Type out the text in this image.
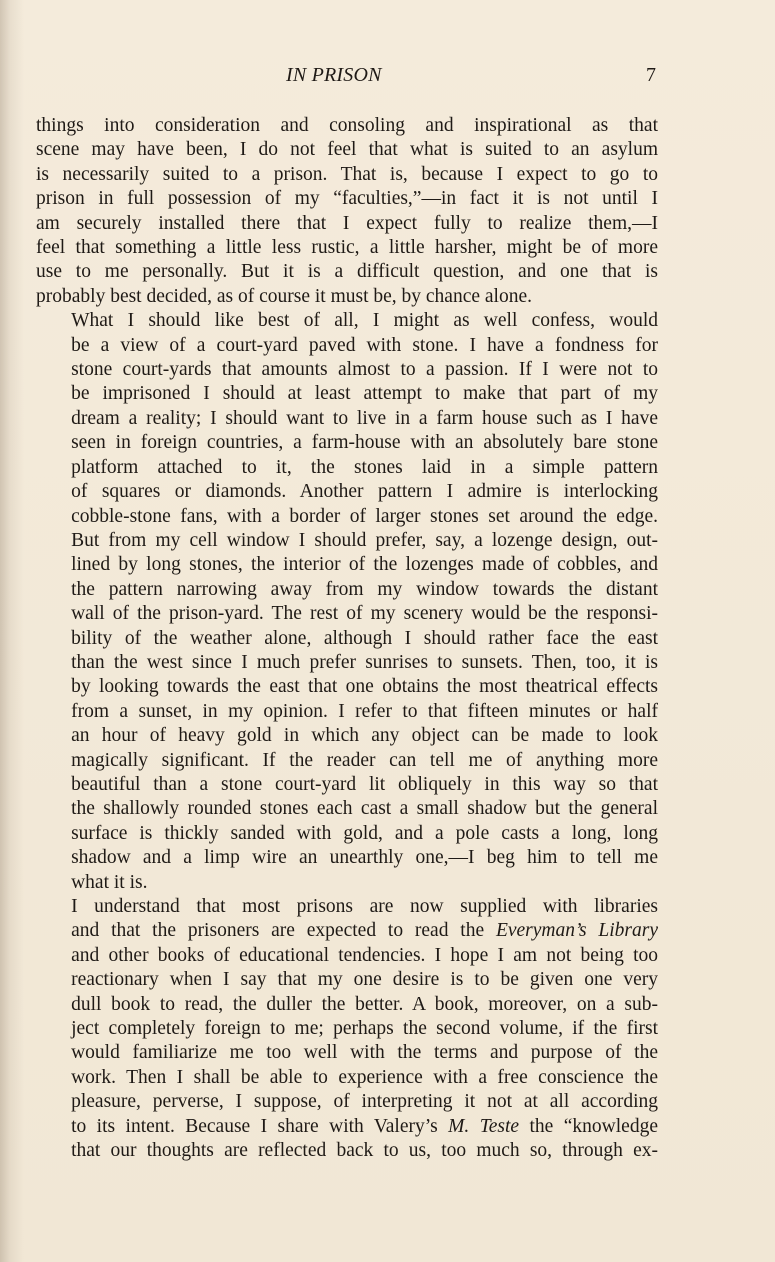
IN PRISON	7

things into consideration and consoling and inspirational as that
scene may have been, I do not feel that what is suited to an asylum
is necessarily suited to a prison. That is, because I expect to go to
prison in full possession of my “faculties,”—in fact it is not until I
am securely installed there that I expect fully to realize them,—I
feel that something a little less rustic, a little harsher, might be of more
use to me personally. But it is a difficult question, and one that is
probably best decided, as of course it must be, by chance alone.

What I should like best of all, I might as well confess, would
be a view of a court-yard paved with stone. I have a fondness for
stone court-yards that amounts almost to a passion. If I were not to
be imprisoned I should at least attempt to make that part of my
dream a reality; I should want to live in a farm house such as I have
seen in foreign countries, a farm-house with an absolutely bare stone
platform attached to it, the stones laid in a simple pattern
of squares or diamonds. Another pattern I admire is interlocking
cobble-stone fans, with a border of larger stones set around the edge.
But from my cell window I should prefer, say, a lozenge design, out-
lined by long stones, the interior of the lozenges made of cobbles, and
the pattern narrowing away from my window towards the distant
wall of the prison-yard. The rest of my scenery would be the responsi-
bility of the weather alone, although I should rather face the east
than the west since I much prefer sunrises to sunsets. Then, too, it is
by looking towards the east that one obtains the most theatrical effects
from a sunset, in my opinion. I refer to that fifteen minutes or half
an hour of heavy gold in which any object can be made to look
magically significant. If the reader can tell me of anything more
beautiful than a stone court-yard lit obliquely in this way so that
the shallowly rounded stones each cast a small shadow but the general
surface is thickly sanded with gold, and a pole casts a long, long
shadow and a limp wire an unearthly one,—I beg him to tell me
what it is.

I understand that most prisons are now supplied with libraries
and that the prisoners are expected to read the Everyman’s Library
and other books of educational tendencies. I hope I am not being too
reactionary when I say that my one desire is to be given one very
dull book to read, the duller the better. A book, moreover, on a sub-
ject completely foreign to me; perhaps the second volume, if the first
would familiarize me too well with the terms and purpose of the
work. Then I shall be able to experience with a free conscience the
pleasure, perverse, I suppose, of interpreting it not at all according
to its intent. Because I share with Valery’s M. Teste the “knowledge
that our thoughts are reflected back to us, too much so, through ex-
